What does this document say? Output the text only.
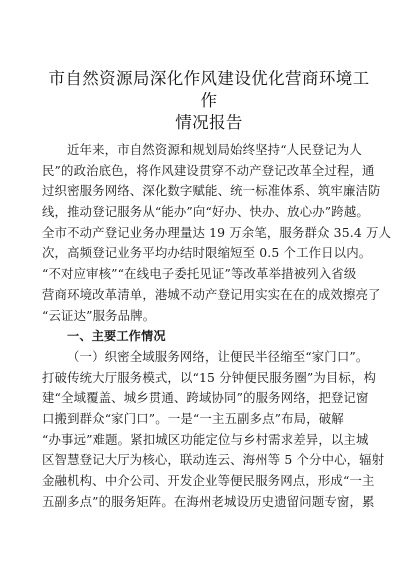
市自然资源局深化作风建设优化营商环境工作
情况报告
近年来，市自然资源和规划局始终坚持“人民登记为人
民”的政治底色，将作风建设贯穿不动产登记改革全过程，通
过织密服务网络、深化数字赋能、统一标准体系、筑牢廉洁防
线，推动登记服务从“能办”向“好办、快办、放心办”跨越。
全市不动产登记业务办理量达 19 万余笔，服务群众 35.4 万人
次，高频登记业务平均办结时限缩短至 0.5 个工作日以内。
“不对应审核”“在线电子委托见证”等改革举措被列入省级
营商环境改革清单，港城不动产登记用实实在在的成效擦亮了
“云证达”服务品牌。
一、主要工作情况
（一）织密全域服务网络，让便民半径缩至“家门口”。
打破传统大厅服务模式，以“15 分钟便民服务圈”为目标，构
建“全域覆盖、城乡贯通、跨域协同”的服务网络，把登记窗
口搬到群众“家门口”。一是“一主五副多点”布局，破解
“办事远”难题。紧扣城区功能定位与乡村需求差异，以主城
区智慧登记大厅为核心，联动连云、海州等 5 个分中心，辐射
金融机构、中介公司、开发企业等便民服务网点，形成“一主
五副多点”的服务矩阵。在海州老城设历史遗留问题专窗，累
